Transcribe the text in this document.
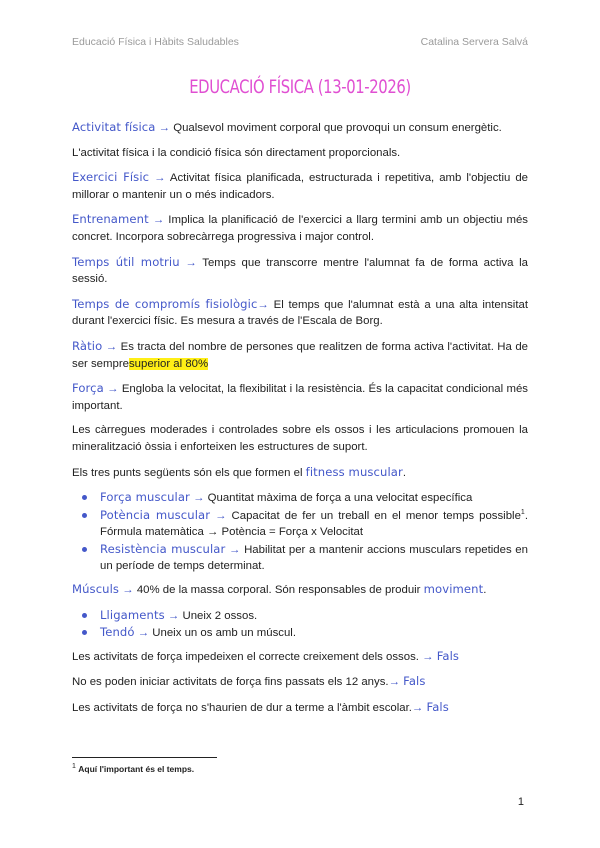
Educació Física i Hàbits Saludables	Catalina Servera Salvá
EDUCACIÓ FÍSICA (13-01-2026)

Activitat física → Qualsevol moviment corporal que provoqui un consum energètic.

L'activitat física i la condició física són directament proporcionals.

Exercici Físic → Activitat física planificada, estructurada i repetitiva, amb l'objectiu de millorar o mantenir un o més indicadors.

Entrenament → Implica la planificació de l'exercici a llarg termini amb un objectiu més concret. Incorpora sobrecàrrega progressiva i major control.

Temps útil motriu → Temps que transcorre mentre l'alumnat fa de forma activa la sessió.

Temps de compromís fisiològic→ El temps que l'alumnat està a una alta intensitat durant l'exercici físic. Es mesura a través de l'Escala de Borg.

Ràtio → Es tracta del nombre de persones que realitzen de forma activa l'activitat. Ha de ser sempresuperior al 80%

Força → Engloba la velocitat, la flexibilitat i la resistència. És la capacitat condicional més important.

Les càrregues moderades i controlades sobre els ossos i les articulacions promouen la mineralització òssia i enforteixen les estructures de suport.

Els tres punts següents són els que formen el fitness muscular.

Força muscular → Quantitat màxima de força a una velocitat específica
Potència muscular → Capacitat de fer un treball en el menor temps possible$^1$. Fórmula matemàtica → Potència = Força x Velocitat
Resistència muscular → Habilitat per a mantenir accions musculars repetides en un període de temps determinat.

Músculs → 40% de la massa corporal. Són responsables de produir moviment.

Lligaments → Uneix 2 ossos.
Tendó → Uneix un os amb un múscul.

Les activitats de força impedeixen el correcte creixement dels ossos. → Fals

No es poden iniciar activitats de força fins passats els 12 anys.→ Fals

Les activitats de força no s'haurien de dur a terme a l'àmbit escolar.→ Fals

$^1$ Aquí l'important és el temps.
1
